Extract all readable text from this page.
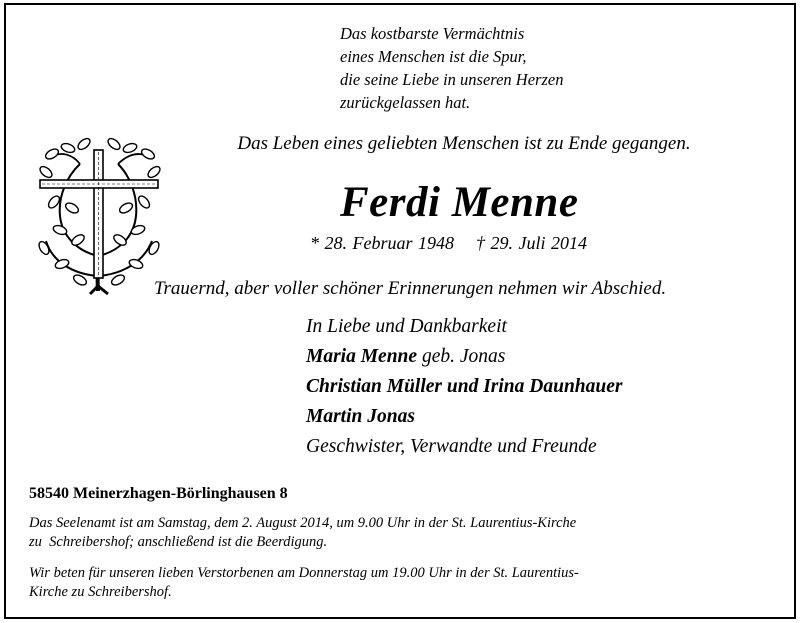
Das kostbarste Vermächtnis
eines Menschen ist die Spur,
die seine Liebe in unseren Herzen
zurückgelassen hat.
Das Leben eines geliebten Menschen ist zu Ende gegangen.
Ferdi Menne
* 28. Februar 1948 † 29. Juli 2014
Trauernd, aber voller schöner Erinnerungen nehmen wir Abschied.
In Liebe und Dankbarkeit
Maria Menne geb. Jonas
Christian Müller und Irina Daunhauer
Martin Jonas
Geschwister, Verwandte und Freunde
58540 Meinerzhagen-Börlinghausen 8
Das Seelenamt ist am Samstag, dem 2. August 2014, um 9.00 Uhr in der St. Laurentius-Kirche
zu  Schreibershof; anschließend ist die Beerdigung.
Wir beten für unseren lieben Verstorbenen am Donnerstag um 19.00 Uhr in der St. Laurentius-
Kirche zu Schreibershof.
